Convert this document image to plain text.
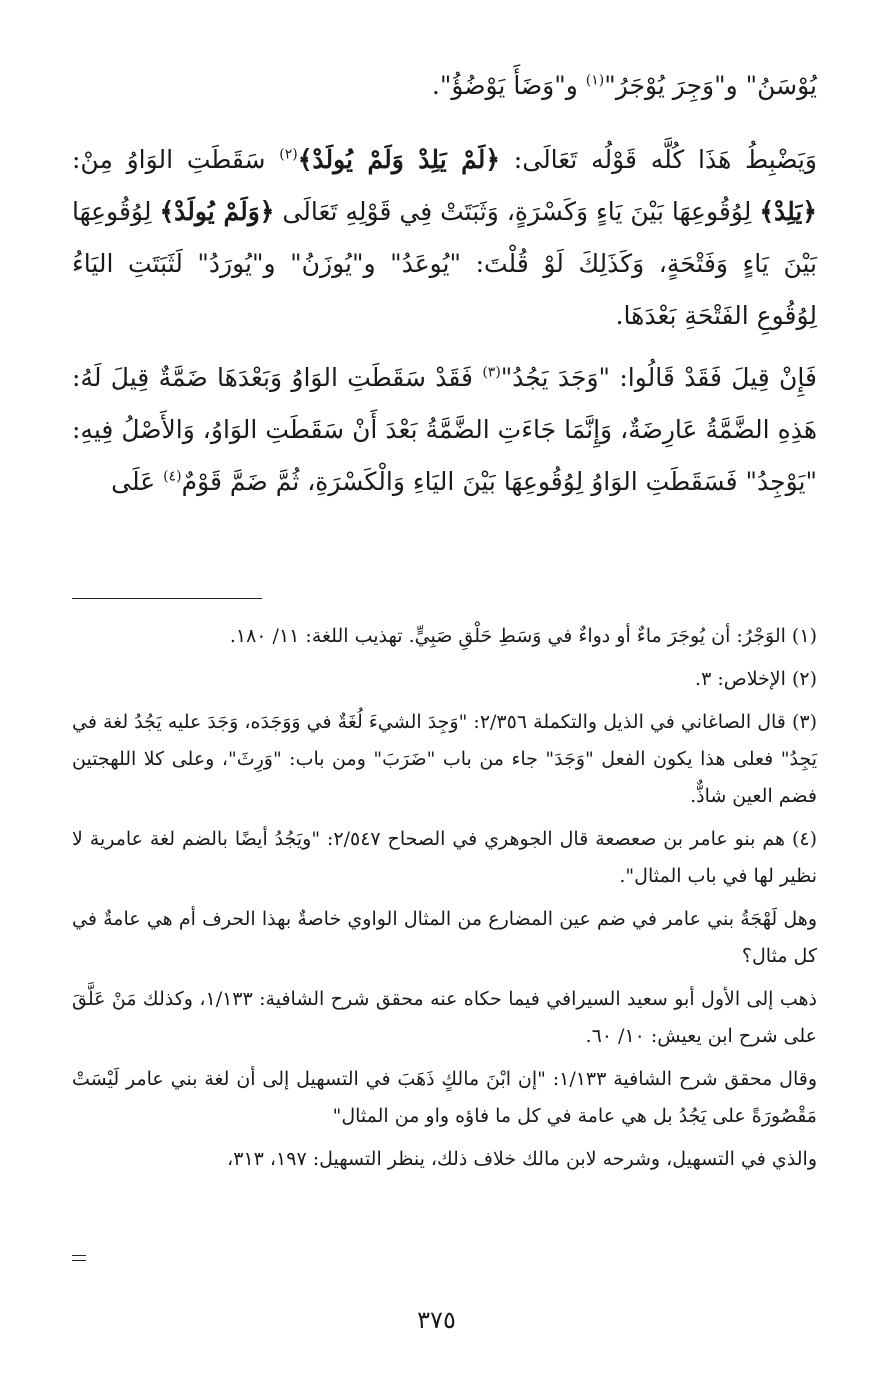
يُوْسَنُ" و"وَجِرَ يُوْجَرُ"$^{(١)}$ و"وَضَأَ يَوْضُؤُ".

وَيَضْبِطُ هَذَا كُلَّه قَوْلُه تَعَالَى: ﴿لَمْ يَلِدْ وَلَمْ يُولَدْ﴾$^{(٢)}$ سَقَطَتِ الوَاوُ مِنْ: ﴿يَلِدْ﴾ لِوُقُوعِهَا بَيْنَ يَاءٍ وَكَسْرَةٍ، وَثَبَتَتْ فِي قَوْلِهِ تَعَالَى ﴿وَلَمْ يُولَدْ﴾ لِوُقُوعِهَا بَيْنَ يَاءٍ وَفَتْحَةٍ، وَكَذَلِكَ لَوْ قُلْتَ: "يُوعَدُ" و"يُوزَنُ" و"يُورَدُ" لَثَبَتَتِ اليَاءُ لِوُقُوعِ الفَتْحَةِ بَعْدَهَا.

فَإِنْ قِيلَ فَقَدْ قَالُوا: "وَجَدَ يَجُدُ"$^{(٣)}$ فَقَدْ سَقَطَتِ الوَاوُ وَبَعْدَهَا ضَمَّةٌ قِيلَ لَهُ: هَذِهِ الضَّمَّةُ عَارِضَةٌ، وَإِنَّمَا جَاءَتِ الضَّمَّةُ بَعْدَ أَنْ سَقَطَتِ الوَاوُ، وَالأَصْلُ فِيهِ: "يَوْجِدُ" فَسَقَطَتِ الوَاوُ لِوُقُوعِهَا بَيْنَ اليَاءِ وَالْكَسْرَةِ، ثُمَّ ضَمَّ قَوْمٌ$^{(٤)}$ عَلَى

(١) الوَجْرُ: أن يُوجَرَ ماءٌ أو دواءٌ في وَسَطِ حَلْقِ صَبِيٍّ. تهذيب اللغة: ١١/ ١٨٠.

(٢) الإخلاص: ٣.

(٣) قال الصاغاني في الذيل والتكملة ٢/٣٥٦: "وَجِدَ الشيءَ لُغَةٌ في وَوَجَدَه، وَجَدَ عليه يَجُدُ لغة في يَجِدُ" فعلى هذا يكون الفعل "وَجَدَ" جاء من باب "ضَرَبَ" ومن باب: "وَرِثَ"، وعلى كلا اللهجتين فضم العين شاذٌّ.

(٤) هم بنو عامر بن صعصعة قال الجوهري في الصحاح ٢/٥٤٧: "ويَجُدُ أيضًا بالضم لغة عامرية لا نظير لها في باب المثال".

وهل لَهْجَةُ بني عامر في ضم عين المضارع من المثال الواوي خاصةٌ بهذا الحرف أم هي عامةٌ في كل مثال؟

ذهب إلى الأول أبو سعيد السيرافي فيما حكاه عنه محقق شرح الشافية: ١/١٣٣، وكذلك مَنْ عَلَّقَ على شرح ابن يعيش: ١٠/ ٦٠.

وقال محقق شرح الشافية ١/١٣٣: "إن ابْنَ مالكٍ ذَهَبَ في التسهيل إلى أن لغة بني عامر لَيْسَتْ مَقْصُورَةً على يَجُدُ بل هي عامة في كل ما فاؤه واو من المثال"

والذي في التسهيل، وشرحه لابن مالك خلاف ذلك، ينظر التسهيل: ١٩٧، ٣١٣،

٣٧٥
